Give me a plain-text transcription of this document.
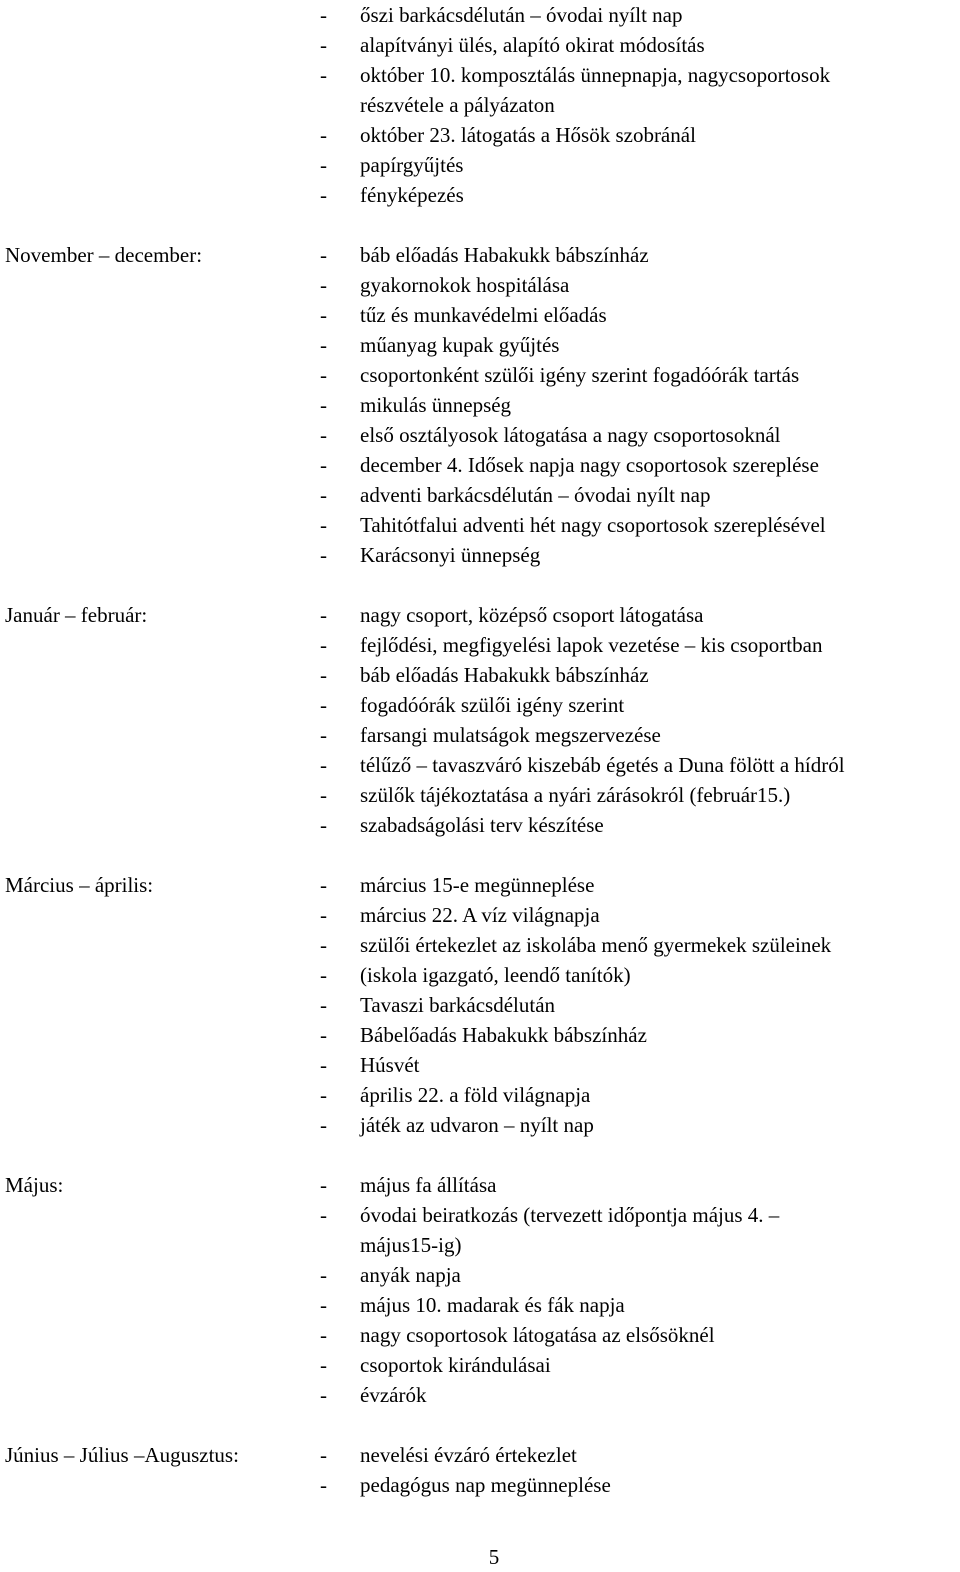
- őszi barkácsdélután – óvodai nyílt nap
- alapítványi ülés, alapító okirat módosítás
- október 10. komposztálás ünnepnapja, nagycsoportosok
részvétele a pályázaton
- október 23. látogatás a Hősök szobránál
- papírgyűjtés
- fényképezés
November – december:	- báb előadás Habakukk bábszínház
- gyakornokok hospitálása
- tűz és munkavédelmi előadás
- műanyag kupak gyűjtés
- csoportonként szülői igény szerint fogadóórák tartás
- mikulás ünnepség
- első osztályosok látogatása a nagy csoportosoknál
- december 4. Idősek napja nagy csoportosok szereplése
- adventi barkácsdélután – óvodai nyílt nap
- Tahitótfalui adventi hét nagy csoportosok szereplésével
- Karácsonyi ünnepség
Január – február:	- nagy csoport, középső csoport látogatása
- fejlődési, megfigyelési lapok vezetése – kis csoportban
- báb előadás Habakukk bábszínház
- fogadóórák szülői igény szerint
- farsangi mulatságok megszervezése
- télűző – tavaszváró kiszebáb égetés a Duna fölött a hídról
- szülők tájékoztatása a nyári zárásokról (február15.)
- szabadságolási terv készítése
Március – április:	- március 15-e megünneplése
- március 22. A víz világnapja
- szülői értekezlet az iskolába menő gyermekek szüleinek
- (iskola igazgató, leendő tanítók)
- Tavaszi barkácsdélután
- Bábelőadás Habakukk bábszínház
- Húsvét
- április 22. a föld világnapja
- játék az udvaron – nyílt nap
Május:	- május fa állítása
- óvodai beiratkozás (tervezett időpontja május 4. –
május15-ig)
- anyák napja
- május 10. madarak és fák napja
- nagy csoportosok látogatása az elsősöknél
- csoportok kirándulásai
- évzárók
Június – Július –Augusztus:	- nevelési évzáró értekezlet
- pedagógus nap megünneplése
5
